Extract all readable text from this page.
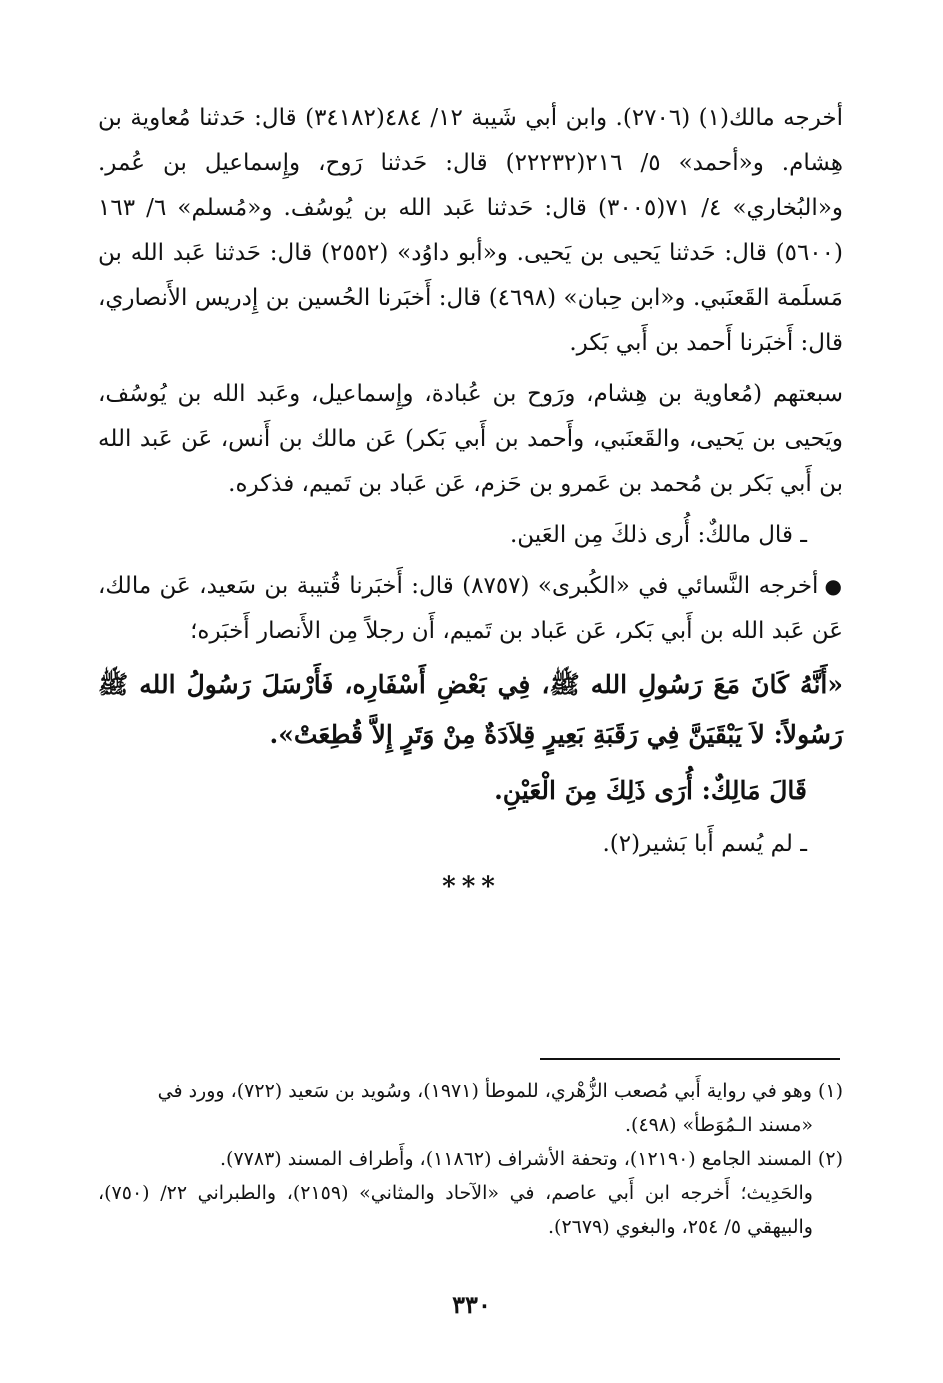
أخرجه مالك(١) (٢٧٠٦). وابن أبي شَيبة ١٢/ ٤٨٤(٣٤١٨٢) قال: حَدثنا مُعاوية بن هِشام. و«أحمد» ٥/ ٢١٦(٢٢٢٣٢) قال: حَدثنا رَوح، وإِسماعيل بن عُمر. و«البُخاري» ٤/ ٧١(٣٠٠٥) قال: حَدثنا عَبد الله بن يُوسُف. و«مُسلم» ٦/ ١٦٣ (٥٦٠٠) قال: حَدثنا يَحيى بن يَحيى. و«أبو داوُد» (٢٥٥٢) قال: حَدثنا عَبد الله بن مَسلَمة القَعنَبي. و«ابن حِبان» (٤٦٩٨) قال: أَخبَرنا الحُسين بن إِدريس الأَنصاري، قال: أَخبَرنا أَحمد بن أَبي بَكر.

سبعتهم (مُعاوية بن هِشام، ورَوح بن عُبادة، وإِسماعيل، وعَبد الله بن يُوسُف، ويَحيى بن يَحيى، والقَعنَبي، وأَحمد بن أَبي بَكر) عَن مالك بن أَنس، عَن عَبد الله بن أَبي بَكر بن مُحمد بن عَمرو بن حَزم، عَن عَباد بن تَميم، فذكره.

ـ قال مالكٌ: أُرى ذلكَ مِن العَين.

●أخرجه النَّسائي في «الكُبرى» (٨٧٥٧) قال: أَخبَرنا قُتيبة بن سَعيد، عَن مالك، عَن عَبد الله بن أَبي بَكر، عَن عَباد بن تَميم، أَن رجلاً مِن الأَنصار أَخبَره؛

«أَنَّهُ كَانَ مَعَ رَسُولِ الله ﷺ، فِي بَعْضِ أَسْفَارِه، فَأَرْسَلَ رَسُولُ الله ﷺ رَسُولاً: لاَ يَبْقَيَنَّ فِي رَقَبَةِ بَعِيرٍ قِلاَدَةٌ مِنْ وَتَرٍ إِلاَّ قُطِعَتْ».

قَالَ مَالِكٌ: أُرَى ذَلِكَ مِنَ الْعَيْنِ.

ـ لم يُسم أَبا بَشير(٢).

***

(١) وهو في رواية أَبي مُصعب الزُّهْري، للموطأ (١٩٧١)، وسُويد بن سَعيد (٧٢٢)، وورد في
«مسند الـمُوَطأ» (٤٩٨).

(٢) المسند الجامع (١٢١٩٠)، وتحفة الأشراف (١١٨٦٢)، وأَطراف المسند (٧٧٨٣).

والحَدِيث؛ أَخرجه ابن أَبي عاصم، في «الآحاد والمثاني» (٢١٥٩)، والطبراني ٢٢/ (٧٥٠)، والبيهقي ٥/ ٢٥٤، والبغوي (٢٦٧٩).

٣٣٠
